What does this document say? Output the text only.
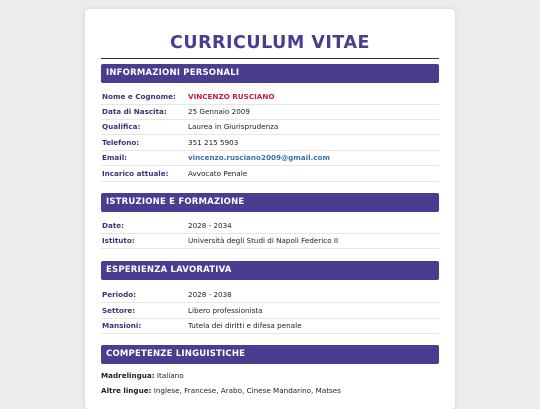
CURRICULUM VITAE
INFORMAZIONI PERSONALI
Nome e Cognome: VINCENZO RUSCIANO
Data di Nascita:	25 Gennaio 2009
Qualifica:	Laurea in Giurisprudenza
Telefono:	351 215 5903
Email:	vincenzo.rusciano2009@gmail.com
Incarico attuale:	Avvocato Penale
ISTRUZIONE E FORMAZIONE
Date:	2028 - 2034
Istituto:	Università degli Studi di Napoli Federico II
ESPERIENZA LAVORATIVA
Periodo:	2028 - 2038
Settore:	Libero professionista
Mansioni:	Tutela dei diritti e difesa penale
COMPETENZE LINGUISTICHE
Madrelingua: Italiano
Altre lingue: Inglese, Francese, Arabo, Cinese Mandarino, Matses
